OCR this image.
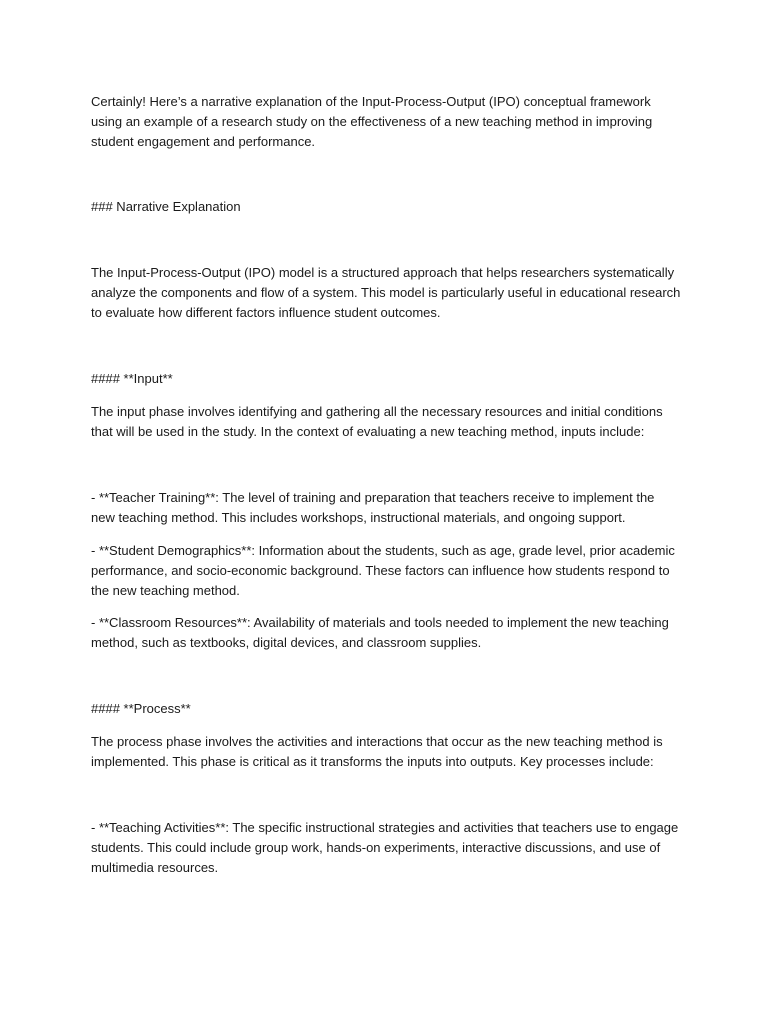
Certainly! Here’s a narrative explanation of the Input-Process-Output (IPO) conceptual framework using an example of a research study on the effectiveness of a new teaching method in improving student engagement and performance.

### Narrative Explanation

The Input-Process-Output (IPO) model is a structured approach that helps researchers systematically analyze the components and flow of a system. This model is particularly useful in educational research to evaluate how different factors influence student outcomes.

#### **Input**

The input phase involves identifying and gathering all the necessary resources and initial conditions that will be used in the study. In the context of evaluating a new teaching method, inputs include:

- **Teacher Training**: The level of training and preparation that teachers receive to implement the new teaching method. This includes workshops, instructional materials, and ongoing support.

- **Student Demographics**: Information about the students, such as age, grade level, prior academic performance, and socio-economic background. These factors can influence how students respond to the new teaching method.

- **Classroom Resources**: Availability of materials and tools needed to implement the new teaching method, such as textbooks, digital devices, and classroom supplies.

#### **Process**

The process phase involves the activities and interactions that occur as the new teaching method is implemented. This phase is critical as it transforms the inputs into outputs. Key processes include:

- **Teaching Activities**: The specific instructional strategies and activities that teachers use to engage students. This could include group work, hands-on experiments, interactive discussions, and use of multimedia resources.
